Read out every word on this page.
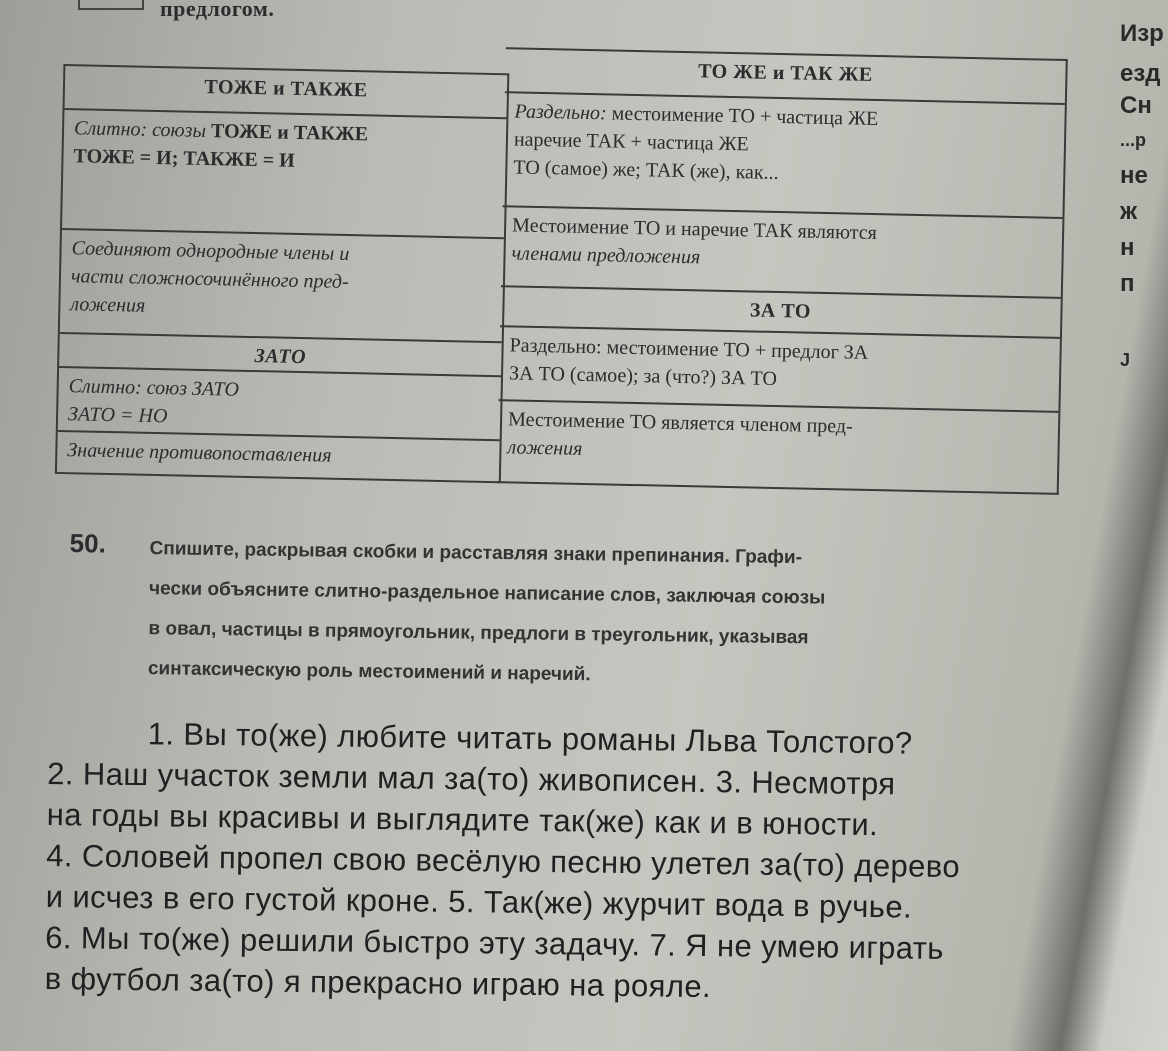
предлогом.
ТОЖЕ и ТАКЖЕ
Слитно: союзы ТОЖЕ и ТАКЖЕ
ТОЖЕ = И; ТАКЖЕ = И
Соединяют однородные члены и
части сложносочинённого пред-
ложения
ЗАТО
Слитно: союз ЗАТО
ЗАТО = НО
Значение противопоставления
ТО ЖЕ и ТАК ЖЕ
Раздельно: местоимение ТО + частица ЖЕ
наречие ТАК + частица ЖЕ
ТО (самое) же; ТАК (же), как...
Местоимение ТО и наречие ТАК являются
членами предложения
ЗА ТО
Раздельно: местоимение ТО + предлог ЗА
ЗА ТО (самое); за (что?) ЗА ТО
Местоимение ТО является членом пред-
ложения
50. Спишите, раскрывая скобки и расставляя знаки препинания. Графи-
чески объясните слитно-раздельное написание слов, заключая союзы
в овал, частицы в прямоугольник, предлоги в треугольник, указывая
синтаксическую роль местоимений и наречий.
1. Вы то(же) любите читать романы Льва Толстого?
2. Наш участок земли мал за(то) живописен. 3. Несмотря
на годы вы красивы и выглядите так(же) как и в юности.
4. Соловей пропел свою весёлую песню улетел за(то) дерево
и исчез в его густой кроне. 5. Так(же) журчит вода в ручье.
6. Мы то(же) решили быстро эту задачу. 7. Я не умею играть
в футбол за(то) я прекрасно играю на рояле.
Изр
езд
Сн
...р
не
ж
н
п
J
